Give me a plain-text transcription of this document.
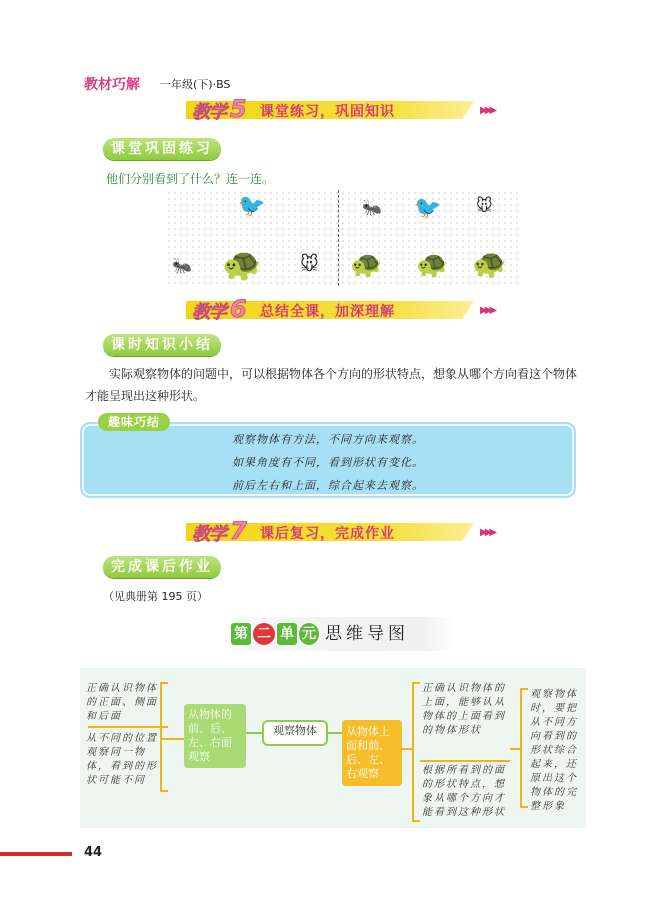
教材巧解 一年级(下)·BS
教学 5 课堂练习，巩固知识	▶▶▶
课堂巩固练习
他们分别看到了什么？连一连。
🐦
🐜 🐢 🐭
🐜 🐦 🐭
🐢 🐢 🐢
教学 6 总结全课，加深理解	▶▶▶
课时知识小结
实际观察物体的问题中，可以根据物体各个方向的形状特点，想象从哪个方向看这个物体才能呈现出这种形状。
趣味巧结
观察物体有方法，不同方向来观察。
如果角度有不同，看到形状有变化。
前后左右和上面，综合起来去观察。
教学 7 课后复习，完成作业	▶▶▶
完成课后作业
（见典册第 195 页）
第 二 单 元 思维导图
正确认识物体的正面、侧面和后面
从不同的位置观察同一物体，看到的形状可能不同
从物体的前、后、左、右面观察
观察物体	从物体上面和前、后、左、右观察
正确认识物体的上面，能够认从物体的上面看到的物体形状
根据所看到的面的形状特点，想象从哪个方向才能看到这种形状
观察物体时，要把从不同方向看到的形状综合起来，还原出这个物体的完整形象
44
